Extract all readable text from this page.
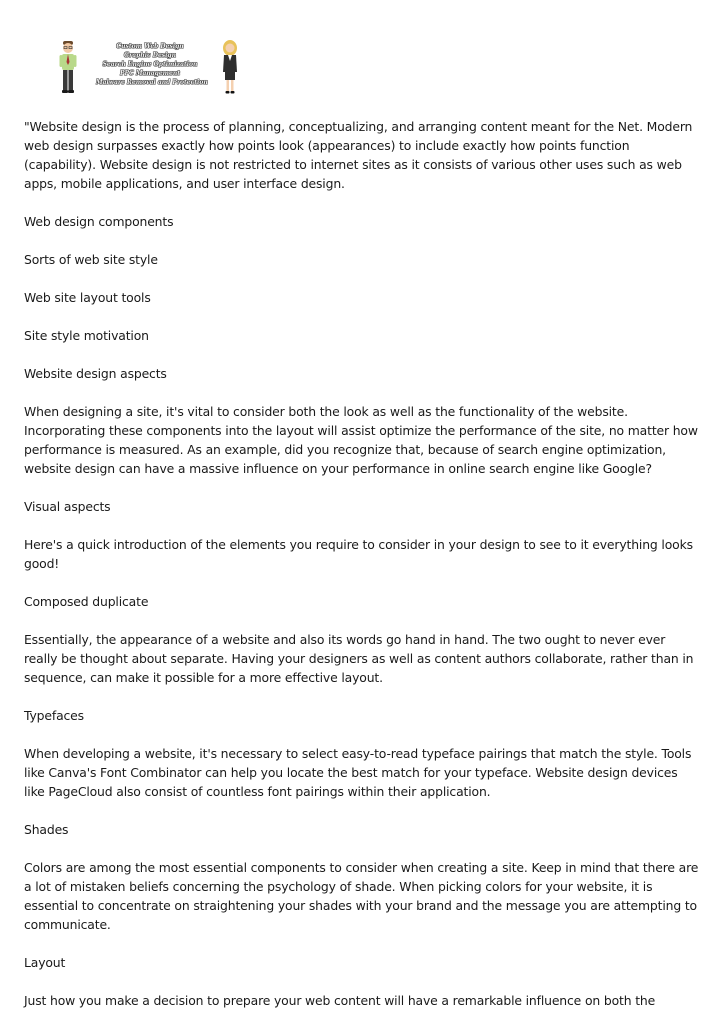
Custom Web Design
Graphic Design
Search Engine Optimization
PPC Management
Malware Removal and Protection

"Website design is the process of planning, conceptualizing, and arranging content meant for the Net. Modern web design surpasses exactly how points look (appearances) to include exactly how points function (capability). Website design is not restricted to internet sites as it consists of various other uses such as web apps, mobile applications, and user interface design.

Web design components

Sorts of web site style

Web site layout tools

Site style motivation

Website design aspects

When designing a site, it's vital to consider both the look as well as the functionality of the website. Incorporating these components into the layout will assist optimize the performance of the site, no matter how performance is measured. As an example, did you recognize that, because of search engine optimization, website design can have a massive influence on your performance in online search engine like Google?

Visual aspects

Here's a quick introduction of the elements you require to consider in your design to see to it everything looks good!

Composed duplicate

Essentially, the appearance of a website and also its words go hand in hand. The two ought to never ever really be thought about separate. Having your designers as well as content authors collaborate, rather than in sequence, can make it possible for a more effective layout.

Typefaces

When developing a website, it's necessary to select easy-to-read typeface pairings that match the style. Tools like Canva's Font Combinator can help you locate the best match for your typeface. Website design devices like PageCloud also consist of countless font pairings within their application.

Shades

Colors are among the most essential components to consider when creating a site. Keep in mind that there are a lot of mistaken beliefs concerning the psychology of shade. When picking colors for your website, it is essential to concentrate on straightening your shades with your brand and the message you are attempting to communicate.

Layout

Just how you make a decision to prepare your web content will have a remarkable influence on both the
